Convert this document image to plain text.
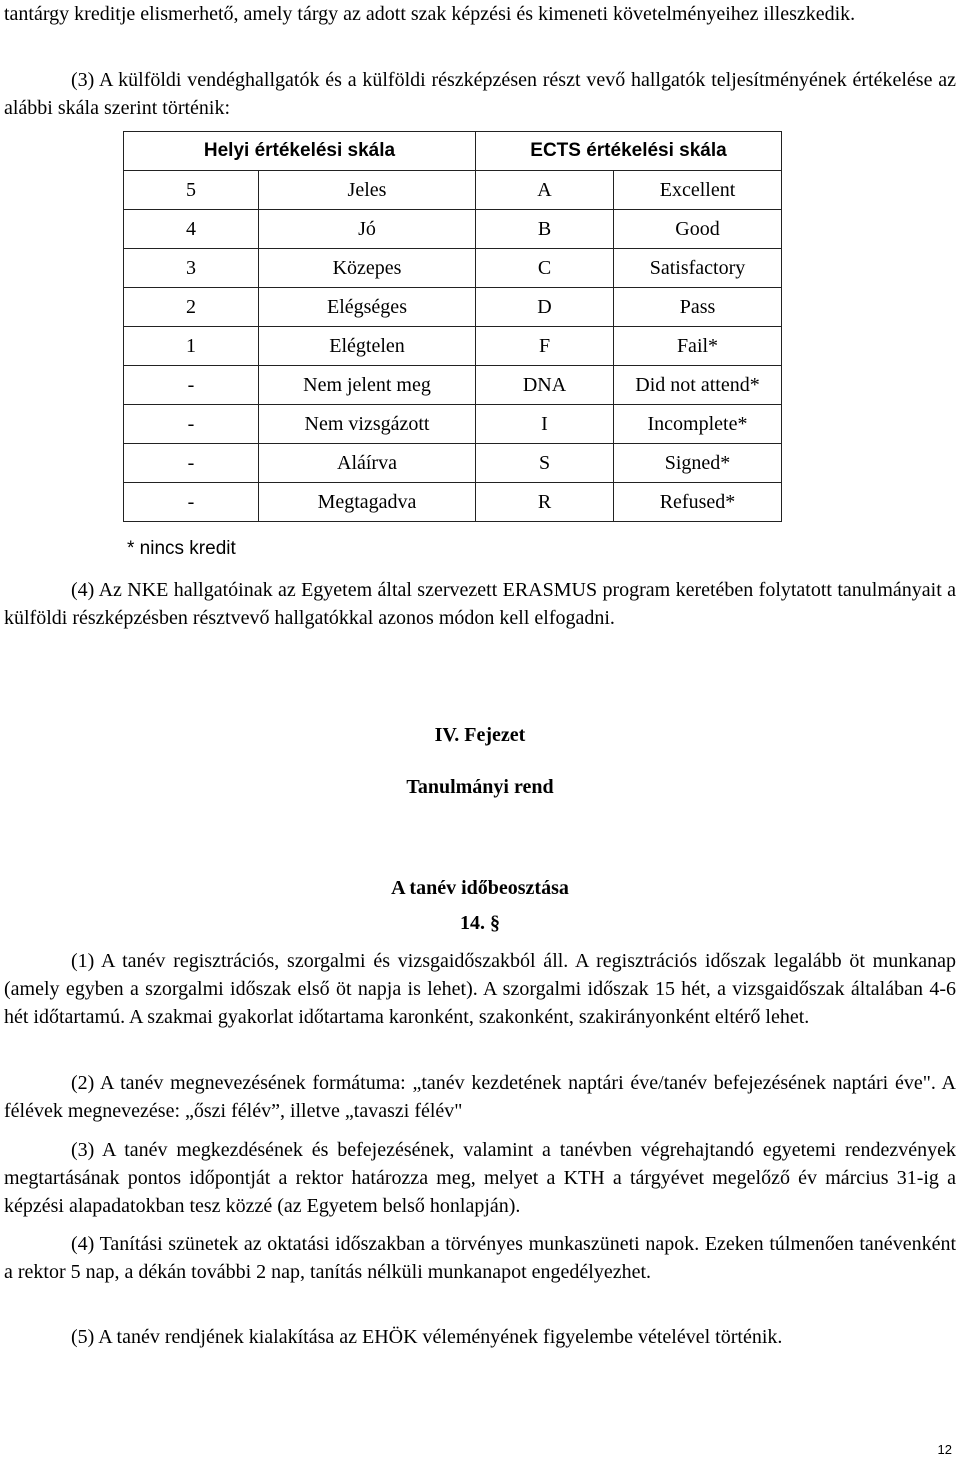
tantárgy kreditje elismerhető, amely tárgy az adott szak képzési és kimeneti követelményeihez illeszkedik.

(3) A külföldi vendéghallgatók és a külföldi részképzésen részt vevő hallgatók teljesítményének értékelése az alábbi skála szerint történik:

Helyi értékelési skála		ECTS értékelési skála	
5	Jeles	A	Excellent
4	Jó	B	Good
3	Közepes	C	Satisfactory
2	Elégséges	D	Pass
1	Elégtelen	F	Fail*
-	Nem jelent meg	DNA	Did not attend*
-	Nem vizsgázott	I	Incomplete*
-	Aláírva	S	Signed*
-	Megtagadva	R	Refused*
* nincs kredit

(4) Az NKE hallgatóinak az Egyetem által szervezett ERASMUS program keretében folytatott tanulmányait a külföldi részképzésben résztvevő hallgatókkal azonos módon kell elfogadni.

IV. Fejezet
Tanulmányi rend
A tanév időbeosztása
14. §

(1) A tanév regisztrációs, szorgalmi és vizsgaidőszakból áll. A regisztrációs időszak legalább öt munkanap (amely egyben a szorgalmi időszak első öt napja is lehet). A szorgalmi időszak 15 hét, a vizsgaidőszak általában 4-6 hét időtartamú. A szakmai gyakorlat időtartama karonként, szakonként, szakirányonként eltérő lehet.

(2) A tanév megnevezésének formátuma: „tanév kezdetének naptári éve/tanév befejezésének naptári éve". A félévek megnevezése: „őszi félév”, illetve „tavaszi félév"

(3) A tanév megkezdésének és befejezésének, valamint a tanévben végrehajtandó egyetemi rendezvények megtartásának pontos időpontját a rektor határozza meg, melyet a KTH a tárgyévet megelőző év március 31-ig a képzési alapadatokban tesz közzé (az Egyetem belső honlapján).

(4) Tanítási szünetek az oktatási időszakban a törvényes munkaszüneti napok. Ezeken túlmenően tanévenként a rektor 5 nap, a dékán további 2 nap, tanítás nélküli munkanapot engedélyezhet.

(5) A tanév rendjének kialakítása az EHÖK véleményének figyelembe vételével történik.

12
